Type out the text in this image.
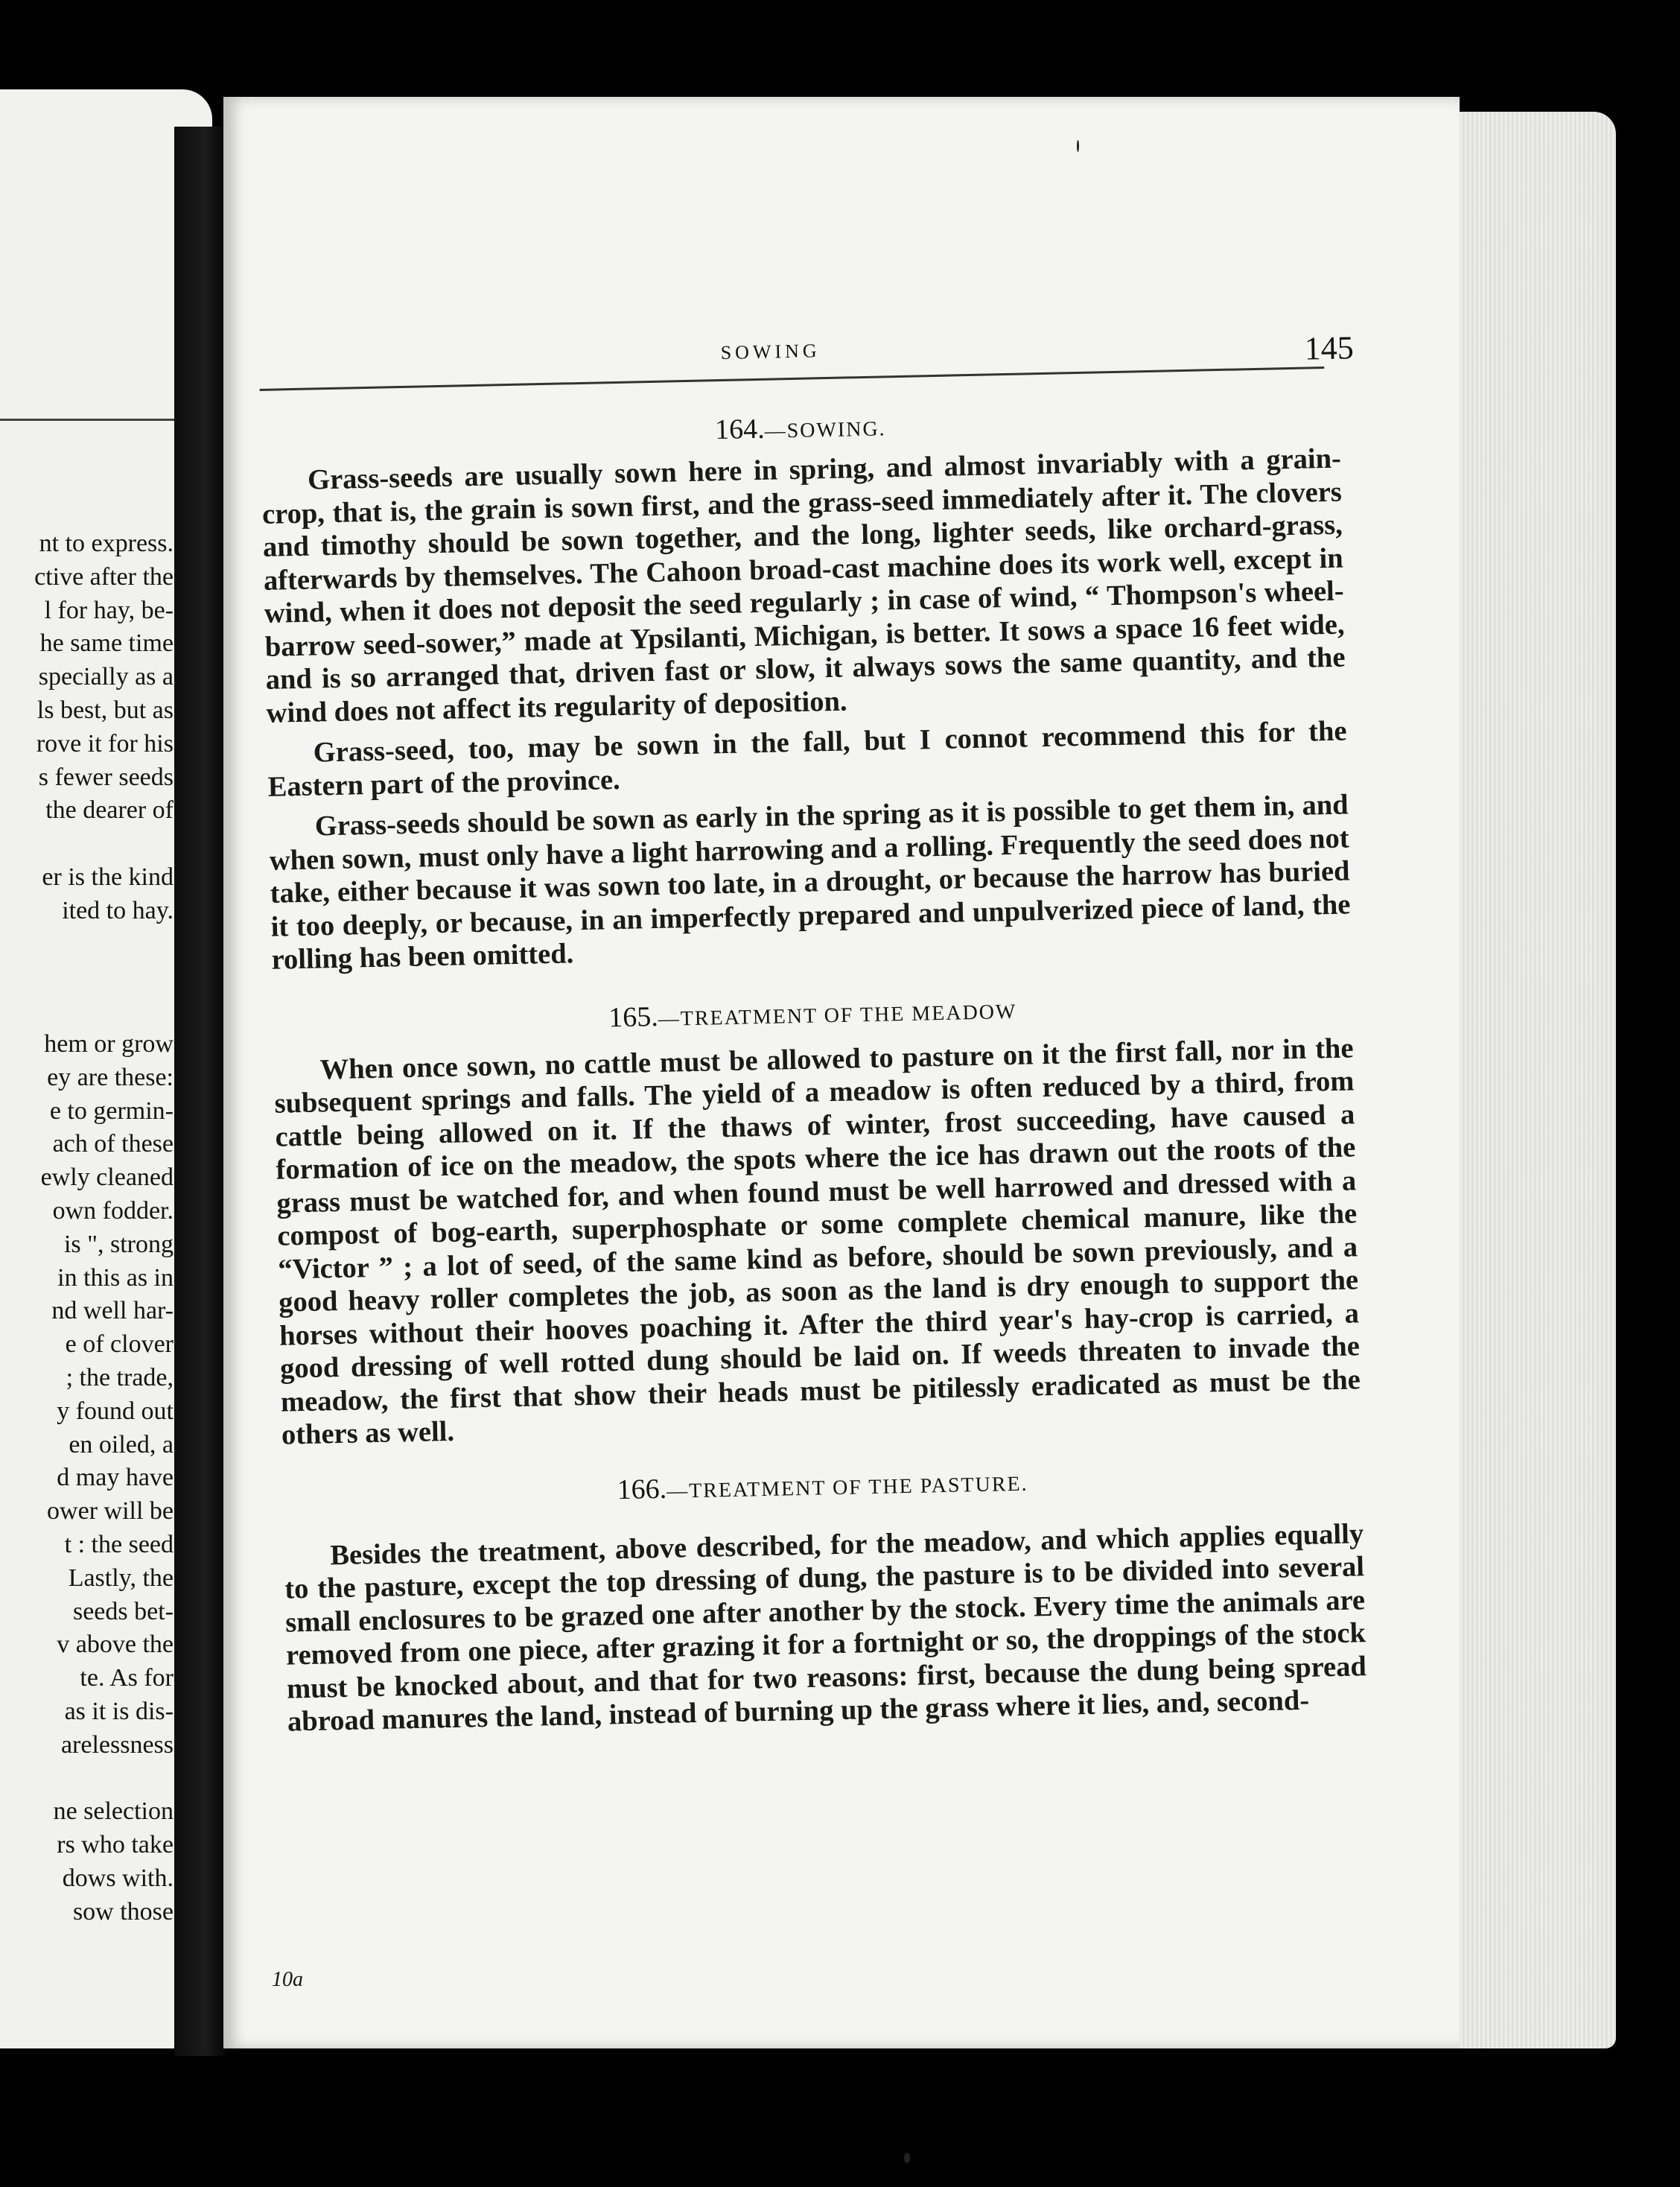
nt to express.
ctive after the
l for hay, be-
he same time
specially as a
ls best, but as
rove it for his
s fewer seeds
the dearer of
er is the kind
ited to hay.
hem or grow
ey are these:
e to germin-
ach of these
ewly cleaned
own fodder.
is ", strong
in this as in
nd well har-
e of clover
; the trade,
y found out
en oiled, a
d may have
ower will be
t : the seed
Lastly, the
seeds bet-
v above the
te. As for
as it is dis-
arelessness
ne selection
rs who take
dows with.
sow those
SOWING	145

164.—SOWING.

Grass-seeds are usually sown here in spring, and almost invariably with a grain-crop, that is, the grain is sown first, and the grass-seed immediately after it. The clovers and timothy should be sown together, and the long, lighter seeds, like orchard-grass, afterwards by themselves. The Cahoon broad-cast machine does its work well, except in wind, when it does not deposit the seed regularly ; in case of wind, “ Thompson's wheel-barrow seed-sower,” made at Ypsilanti, Michigan, is better. It sows a space 16 feet wide, and is so arranged that, driven fast or slow, it always sows the same quantity, and the wind does not affect its regularity of deposition.

Grass-seed, too, may be sown in the fall, but I connot recommend this for the Eastern part of the province.

Grass-seeds should be sown as early in the spring as it is possible to get them in, and when sown, must only have a light harrowing and a rolling. Frequently the seed does not take, either because it was sown too late, in a drought, or because the harrow has buried it too deeply, or because, in an imperfectly prepared and unpulverized piece of land, the rolling has been omitted.

165.—TREATMENT OF THE MEADOW

When once sown, no cattle must be allowed to pasture on it the first fall, nor in the subsequent springs and falls. The yield of a meadow is often reduced by a third, from cattle being allowed on it. If the thaws of winter, frost succeeding, have caused a formation of ice on the meadow, the spots where the ice has drawn out the roots of the grass must be watched for, and when found must be well harrowed and dressed with a compost of bog-earth, superphosphate or some complete chemical manure, like the “Victor ” ; a lot of seed, of the same kind as before, should be sown previously, and a good heavy roller completes the job, as soon as the land is dry enough to support the horses without their hooves poaching it. After the third year's hay-crop is carried, a good dressing of well rotted dung should be laid on. If weeds threaten to invade the meadow, the first that show their heads must be pitilessly eradicated as must be the others as well.

166.—TREATMENT OF THE PASTURE.

Besides the treatment, above described, for the meadow, and which applies equally to the pasture, except the top dressing of dung, the pasture is to be divided into several small enclosures to be grazed one after another by the stock. Every time the animals are removed from one piece, after grazing it for a fortnight or so, the droppings of the stock must be knocked about, and that for two reasons: first, because the dung being spread abroad manures the land, instead of burning up the grass where it lies, and, second-

10a
